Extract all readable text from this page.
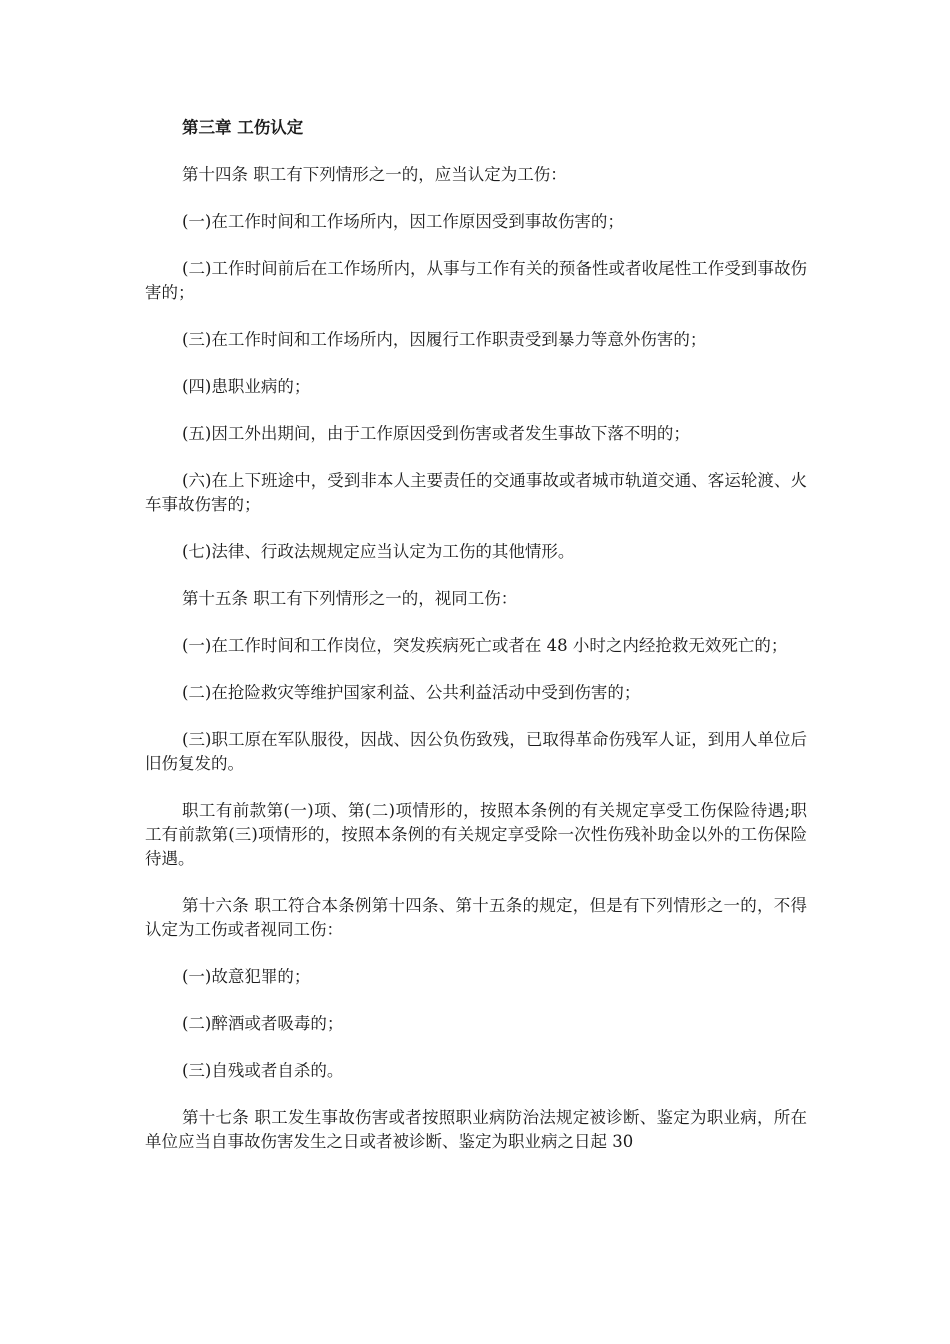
第三章 工伤认定

第十四条 职工有下列情形之一的，应当认定为工伤：

(一)在工作时间和工作场所内，因工作原因受到事故伤害的；

(二)工作时间前后在工作场所内，从事与工作有关的预备性或者收尾性工作受到事故伤害的；

(三)在工作时间和工作场所内，因履行工作职责受到暴力等意外伤害的；

(四)患职业病的；

(五)因工外出期间，由于工作原因受到伤害或者发生事故下落不明的；

(六)在上下班途中，受到非本人主要责任的交通事故或者城市轨道交通、客运轮渡、火车事故伤害的；

(七)法律、行政法规规定应当认定为工伤的其他情形。

第十五条 职工有下列情形之一的，视同工伤：

(一)在工作时间和工作岗位，突发疾病死亡或者在 48 小时之内经抢救无效死亡的；

(二)在抢险救灾等维护国家利益、公共利益活动中受到伤害的；

(三)职工原在军队服役，因战、因公负伤致残，已取得革命伤残军人证，到用人单位后旧伤复发的。

职工有前款第(一)项、第(二)项情形的，按照本条例的有关规定享受工伤保险待遇;职工有前款第(三)项情形的，按照本条例的有关规定享受除一次性伤残补助金以外的工伤保险待遇。

第十六条 职工符合本条例第十四条、第十五条的规定，但是有下列情形之一的，不得认定为工伤或者视同工伤：

(一)故意犯罪的；

(二)醉酒或者吸毒的；

(三)自残或者自杀的。

第十七条 职工发生事故伤害或者按照职业病防治法规定被诊断、鉴定为职业病，所在单位应当自事故伤害发生之日或者被诊断、鉴定为职业病之日起 30
